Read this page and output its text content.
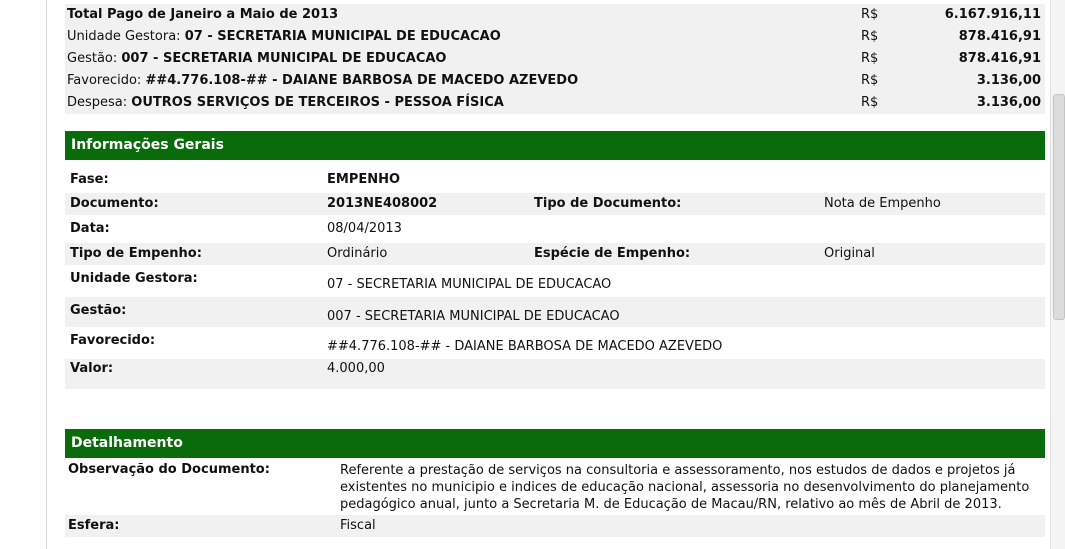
Total Pago de Janeiro a Maio de 2013	R$	6.167.916,11
Unidade Gestora: 07 - SECRETARIA MUNICIPAL DE EDUCACAO	R$	878.416,91
Gestão: 007 - SECRETARIA MUNICIPAL DE EDUCACAO	R$	878.416,91
Favorecido: ##4.776.108-## - DAIANE BARBOSA DE MACEDO AZEVEDO	R$	3.136,00
Despesa: OUTROS SERVIÇOS DE TERCEIROS - PESSOA FÍSICA	R$	3.136,00
Informações Gerais
Fase:	EMPENHO
Documento:	2013NE408002	Tipo de Documento:	Nota de Empenho
Data:	08/04/2013
Tipo de Empenho:	Ordinário	Espécie de Empenho:	Original
Unidade Gestora:	07 - SECRETARIA MUNICIPAL DE EDUCACAO
Gestão:	007 - SECRETARIA MUNICIPAL DE EDUCACAO
Favorecido:	##4.776.108-## - DAIANE BARBOSA DE MACEDO AZEVEDO
Valor:	4.000,00
Detalhamento
Observação do Documento:	Referente a prestação de serviços na consultoria e assessoramento, nos estudos de dados e projetos já existentes no municipio e indices de educação nacional, assessoria no desenvolvimento do planejamento pedagógico anual, junto a Secretaria M. de Educação de Macau/RN, relativo ao mês de Abril de 2013.
Esfera:	Fiscal
